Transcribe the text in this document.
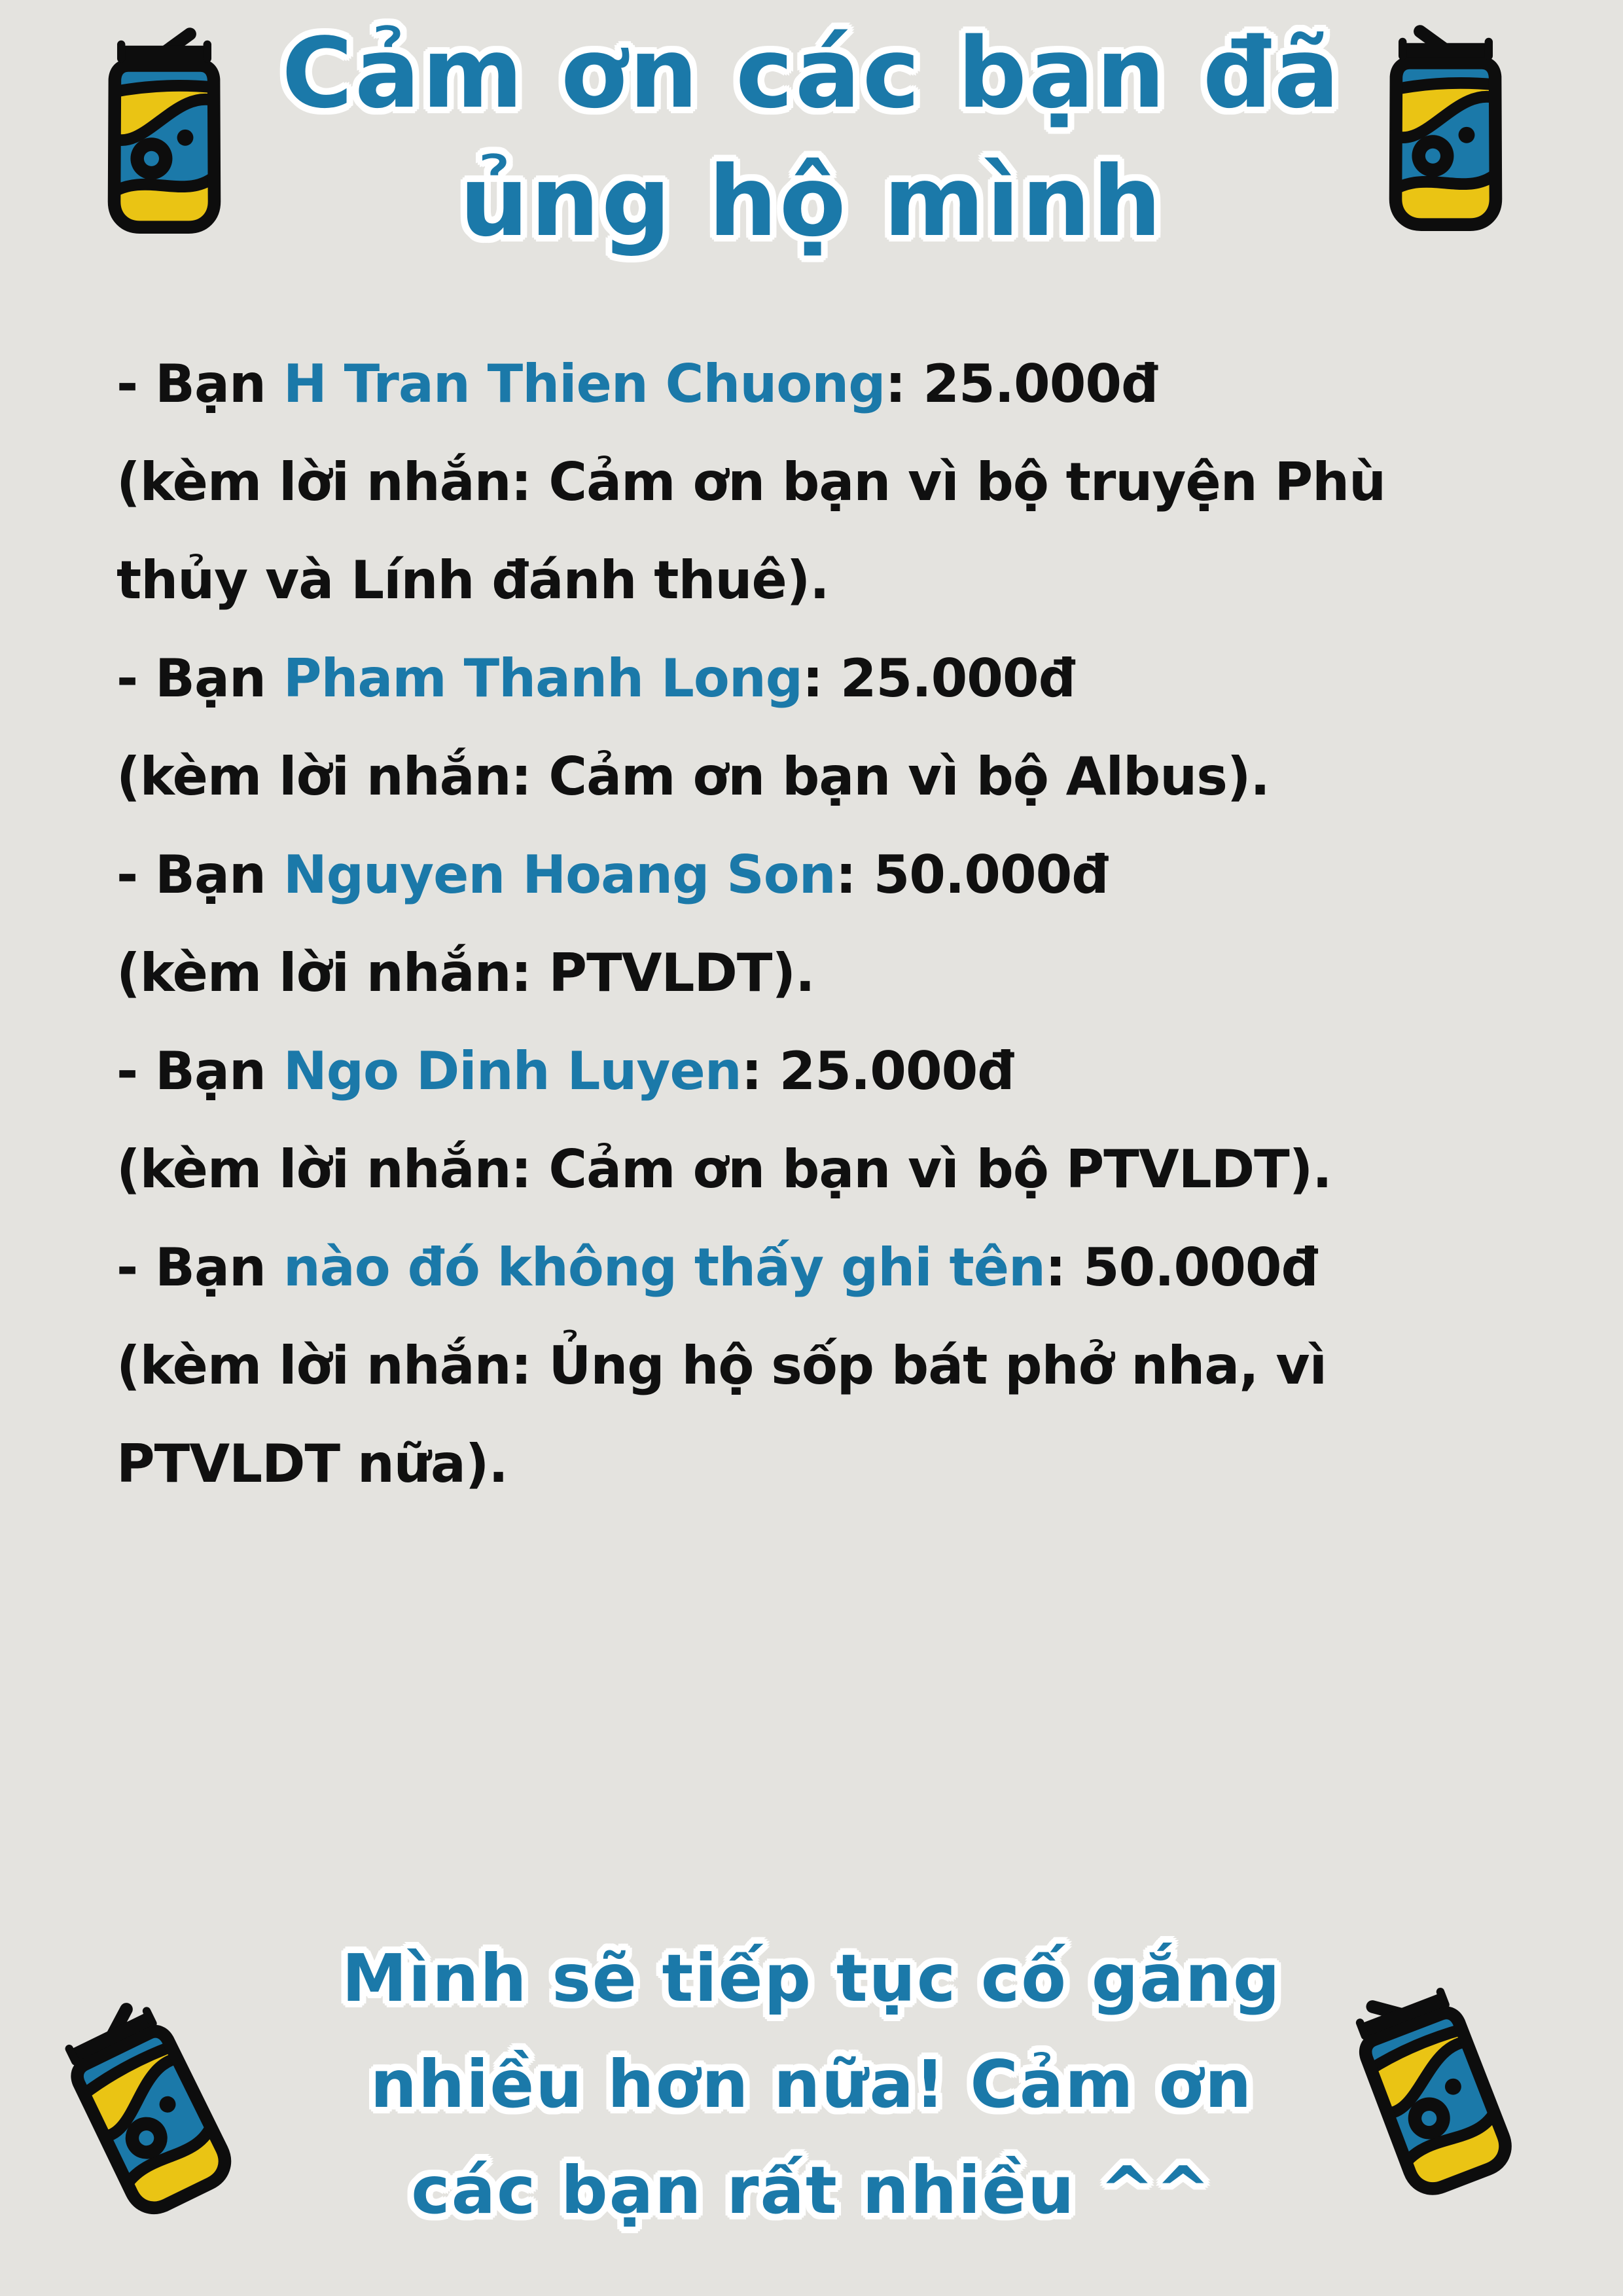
Cảm ơn các bạn đã
ủng hộ mình
- Bạn H Tran Thien Chuong: 25.000đ
(kèm lời nhắn: Cảm ơn bạn vì bộ truyện Phù
thủy và Lính đánh thuê).
- Bạn Pham Thanh Long: 25.000đ
(kèm lời nhắn: Cảm ơn bạn vì bộ Albus).
- Bạn Nguyen Hoang Son: 50.000đ
(kèm lời nhắn: PTVLDT).
- Bạn Ngo Dinh Luyen: 25.000đ
(kèm lời nhắn: Cảm ơn bạn vì bộ PTVLDT).
- Bạn nào đó không thấy ghi tên: 50.000đ
(kèm lời nhắn: Ủng hộ sốp bát phở nha, vì
PTVLDT nữa).
Mình sẽ tiếp tục cố gắng
nhiều hơn nữa! Cảm ơn
các bạn rất nhiều ^^
